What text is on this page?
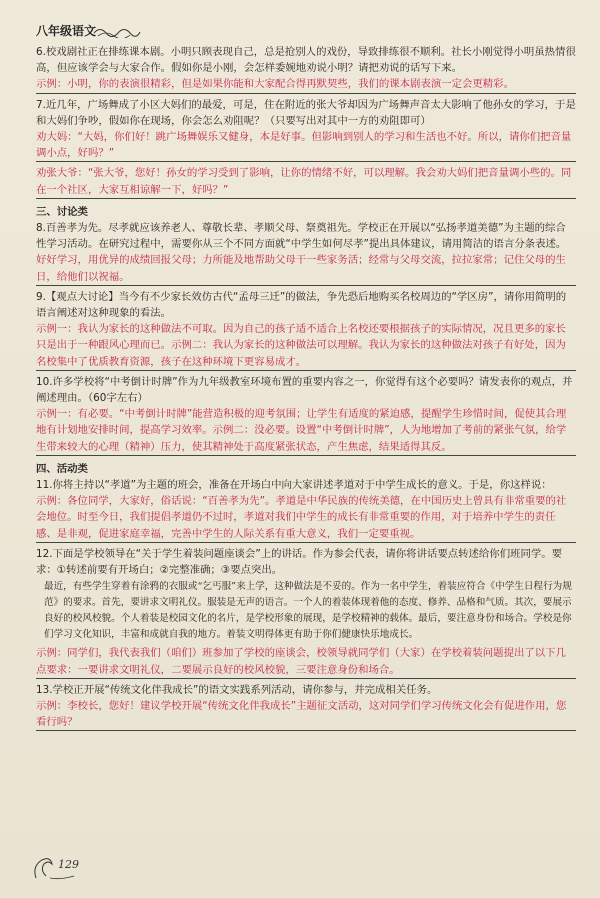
八年级语文
6.校戏剧社正在排练课本剧。小明只顾表现自己，总是抢别人的戏份，导致排练很不顺利。社长小刚觉得小明虽热情很高，但应该学会与大家合作。假如你是小刚，会怎样委婉地劝说小明？请把劝说的话写下来。
示例：小明，你的表演很精彩，但是如果你能和大家配合得再默契些，我们的课本剧表演一定会更精彩。
7.近几年，广场舞成了小区大妈们的最爱，可是，住在附近的张大爷却因为广场舞声音太大影响了他孙女的学习，于是和大妈们争吵，假如你在现场，你会怎么劝阻呢？（只要写出对其中一方的劝阻即可）
劝大妈：“大妈，你们好！跳广场舞娱乐又健身，本是好事。但影响到别人的学习和生活也不好。所以，请你们把音量调小点，好吗？”
劝张大爷：“张大爷，您好！孙女的学习受到了影响，让你的情绪不好，可以理解。我会劝大妈们把音量调小些的。同在一个社区，大家互相谅解一下，好吗？”
三、讨论类
8.百善孝为先。尽孝就应该养老人、尊敬长辈、孝顺父母、祭奠祖先。学校正在开展以“弘扬孝道美德”为主题的综合性学习活动。在研究过程中，需要你从三个不同方面就“中学生如何尽孝”提出具体建议，请用简洁的语言分条表述。
好好学习，用优异的成绩回报父母；力所能及地帮助父母干一些家务活；经常与父母交流，拉拉家常；记住父母的生日，给他们以祝福。
9.【观点大讨论】当今有不少家长效仿古代“孟母三迁”的做法，争先恐后地购买名校周边的“学区房”，请你用简明的语言阐述对这种现象的看法。
示例一：我认为家长的这种做法不可取。因为自己的孩子适不适合上名校还要根据孩子的实际情况，况且更多的家长只是出于一种跟风心理而已。示例二：我认为家长的这种做法可以理解。我认为家长的这种做法对孩子有好处，因为名校集中了优质教育资源，孩子在这种环境下更容易成才。
10.许多学校将“中考倒计时牌”作为九年级教室环境布置的重要内容之一，你觉得有这个必要吗？请发表你的观点，并阐述理由。（60字左右）
示例一：有必要。“中考倒计时牌”能营造积极的迎考氛围；让学生有适度的紧迫感，提醒学生珍惜时间，促使其合理地有计划地安排时间，提高学习效率。示例二：没必要。设置“中考倒计时牌”，人为地增加了考前的紧张气氛，给学生带来较大的心理（精神）压力，使其精神处于高度紧张状态，产生焦虑，结果适得其反。
四、活动类
11.你将主持以“孝道”为主题的班会，准备在开场白中向大家讲述孝道对于中学生成长的意义。于是，你这样说：
示例：各位同学，大家好，俗话说：“百善孝为先”。孝道是中华民族的传统美德，在中国历史上曾具有非常重要的社会地位。时至今日，我们提倡孝道仍不过时，孝道对我们中学生的成长有非常重要的作用，对于培养中学生的责任感、是非观，促进家庭幸福，完善中学生的人际关系有重大意义，我们一定要重视。
12.下面是学校领导在“关于学生着装问题座谈会”上的讲话。作为参会代表，请你将讲话要点转述给你们班同学。要求：①转述前要有开场白；②完整准确；③要点突出。
最近，有些学生穿着有涂鸦的衣服或“乞丐服”来上学，这种做法是不妥的。作为一名中学生，着装应符合《中学生日程行为规范》的要求。首先，要讲求文明礼仪。服装是无声的语言。一个人的着装体现着他的态度、修养、品格和气质。其次，要展示良好的校风校貌。个人着装是校园文化的名片，是学校形象的展现，是学校精神的载体。最后，要注意身份和场合。学校是你们学习文化知识，丰富和成就自我的地方。着装文明得体更有助于你们健康快乐地成长。
示例：同学们，我代表我们（咱们）班参加了学校的座谈会，校领导就同学们（大家）在学校着装问题提出了以下几点要求：一要讲求文明礼仪，二要展示良好的校风校貌，三要注意身份和场合。
13.学校正开展“传统文化伴我成长”的语文实践系列活动，请你参与，并完成相关任务。
示例：李校长，您好！建议学校开展“传统文化伴我成长”主题征文活动，这对同学们学习传统文化会有促进作用，您看行吗？
129
